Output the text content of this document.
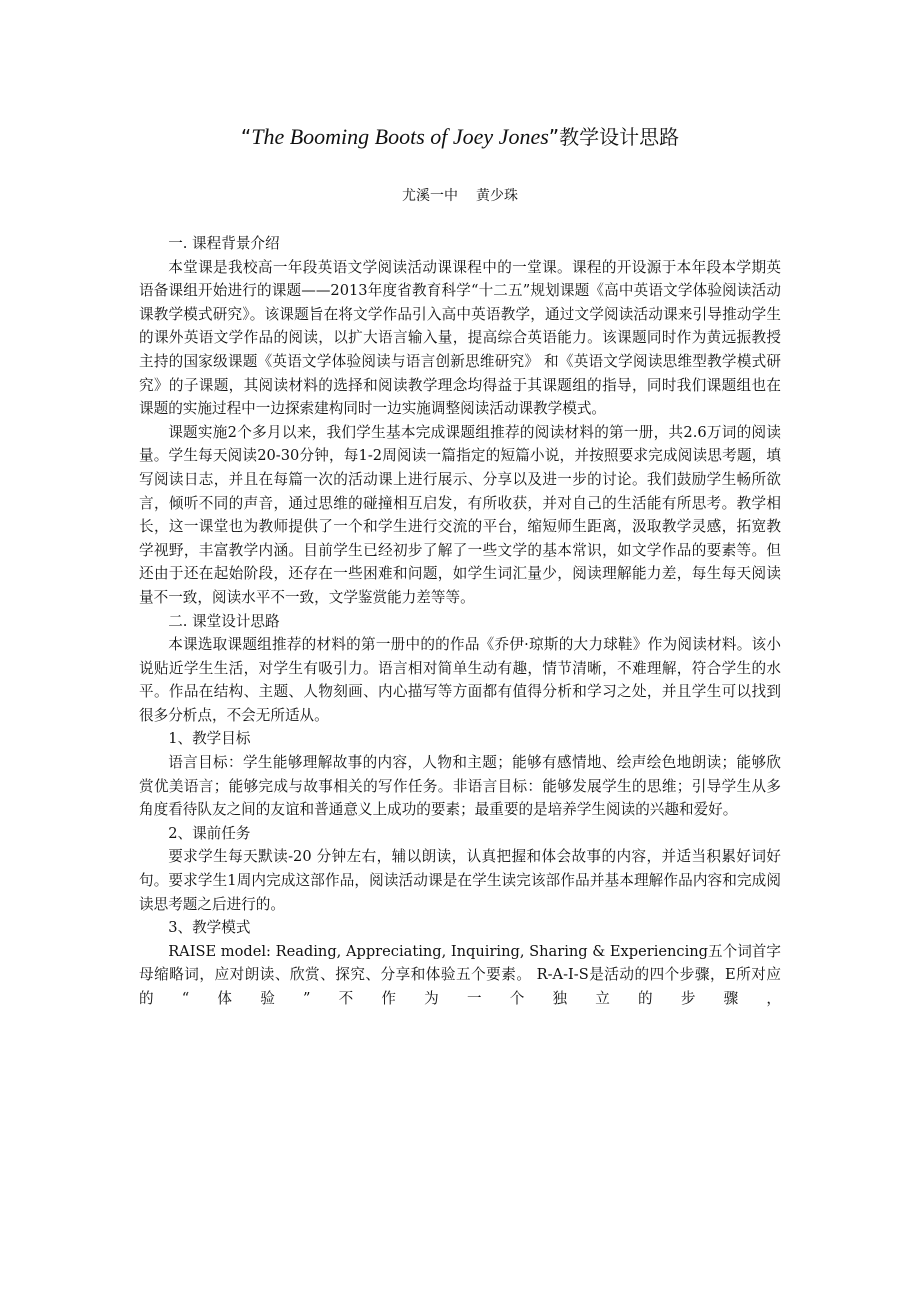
“The Booming Boots of Joey Jones”教学设计思路
尤溪一中 黄少珠

一. 课程背景介绍

本堂课是我校高一年段英语文学阅读活动课课程中的一堂课。课程的开设源于本年段本学期英语备课组开始进行的课题——2013年度省教育科学“十二五”规划课题《高中英语文学体验阅读活动课教学模式研究》。该课题旨在将文学作品引入高中英语教学，通过文学阅读活动课来引导推动学生的课外英语文学作品的阅读，以扩大语言输入量，提高综合英语能力。该课题同时作为黄远振教授主持的国家级课题《英语文学体验阅读与语言创新思维研究》 和《英语文学阅读思维型教学模式研究》的子课题，其阅读材料的选择和阅读教学理念均得益于其课题组的指导，同时我们课题组也在课题的实施过程中一边探索建构同时一边实施调整阅读活动课教学模式。

课题实施2个多月以来，我们学生基本完成课题组推荐的阅读材料的第一册，共2.6万词的阅读量。学生每天阅读20-30分钟，每1-2周阅读一篇指定的短篇小说，并按照要求完成阅读思考题，填写阅读日志，并且在每篇一次的活动课上进行展示、分享以及进一步的讨论。我们鼓励学生畅所欲言，倾听不同的声音，通过思维的碰撞相互启发，有所收获，并对自己的生活能有所思考。教学相长，这一课堂也为教师提供了一个和学生进行交流的平台，缩短师生距离，汲取教学灵感，拓宽教学视野，丰富教学内涵。目前学生已经初步了解了一些文学的基本常识，如文学作品的要素等。但还由于还在起始阶段，还存在一些困难和问题，如学生词汇量少，阅读理解能力差，每生每天阅读量不一致，阅读水平不一致，文学鉴赏能力差等等。

二. 课堂设计思路

本课选取课题组推荐的材料的第一册中的的作品《乔伊·琼斯的大力球鞋》作为阅读材料。该小说贴近学生生活，对学生有吸引力。语言相对简单生动有趣，情节清晰，不难理解，符合学生的水平。作品在结构、主题、人物刻画、内心描写等方面都有值得分析和学习之处，并且学生可以找到很多分析点，不会无所适从。

1、教学目标

语言目标：学生能够理解故事的内容，人物和主题；能够有感情地、绘声绘色地朗读；能够欣赏优美语言；能够完成与故事相关的写作任务。非语言目标：能够发展学生的思维；引导学生从多角度看待队友之间的友谊和普通意义上成功的要素；最重要的是培养学生阅读的兴趣和爱好。

2、课前任务

要求学生每天默读-20 分钟左右，辅以朗读，认真把握和体会故事的内容，并适当积累好词好句。要求学生1周内完成这部作品，阅读活动课是在学生读完该部作品并基本理解作品内容和完成阅读思考题之后进行的。

3、教学模式

RAISE model: Reading, Appreciating, Inquiring, Sharing & Experiencing五个词首字母缩略词，应对朗读、欣赏、探究、分享和体验五个要素。 R-A-I-S是活动的四个步骤，E所对应的“体验”不作为一个独立的步骤，
